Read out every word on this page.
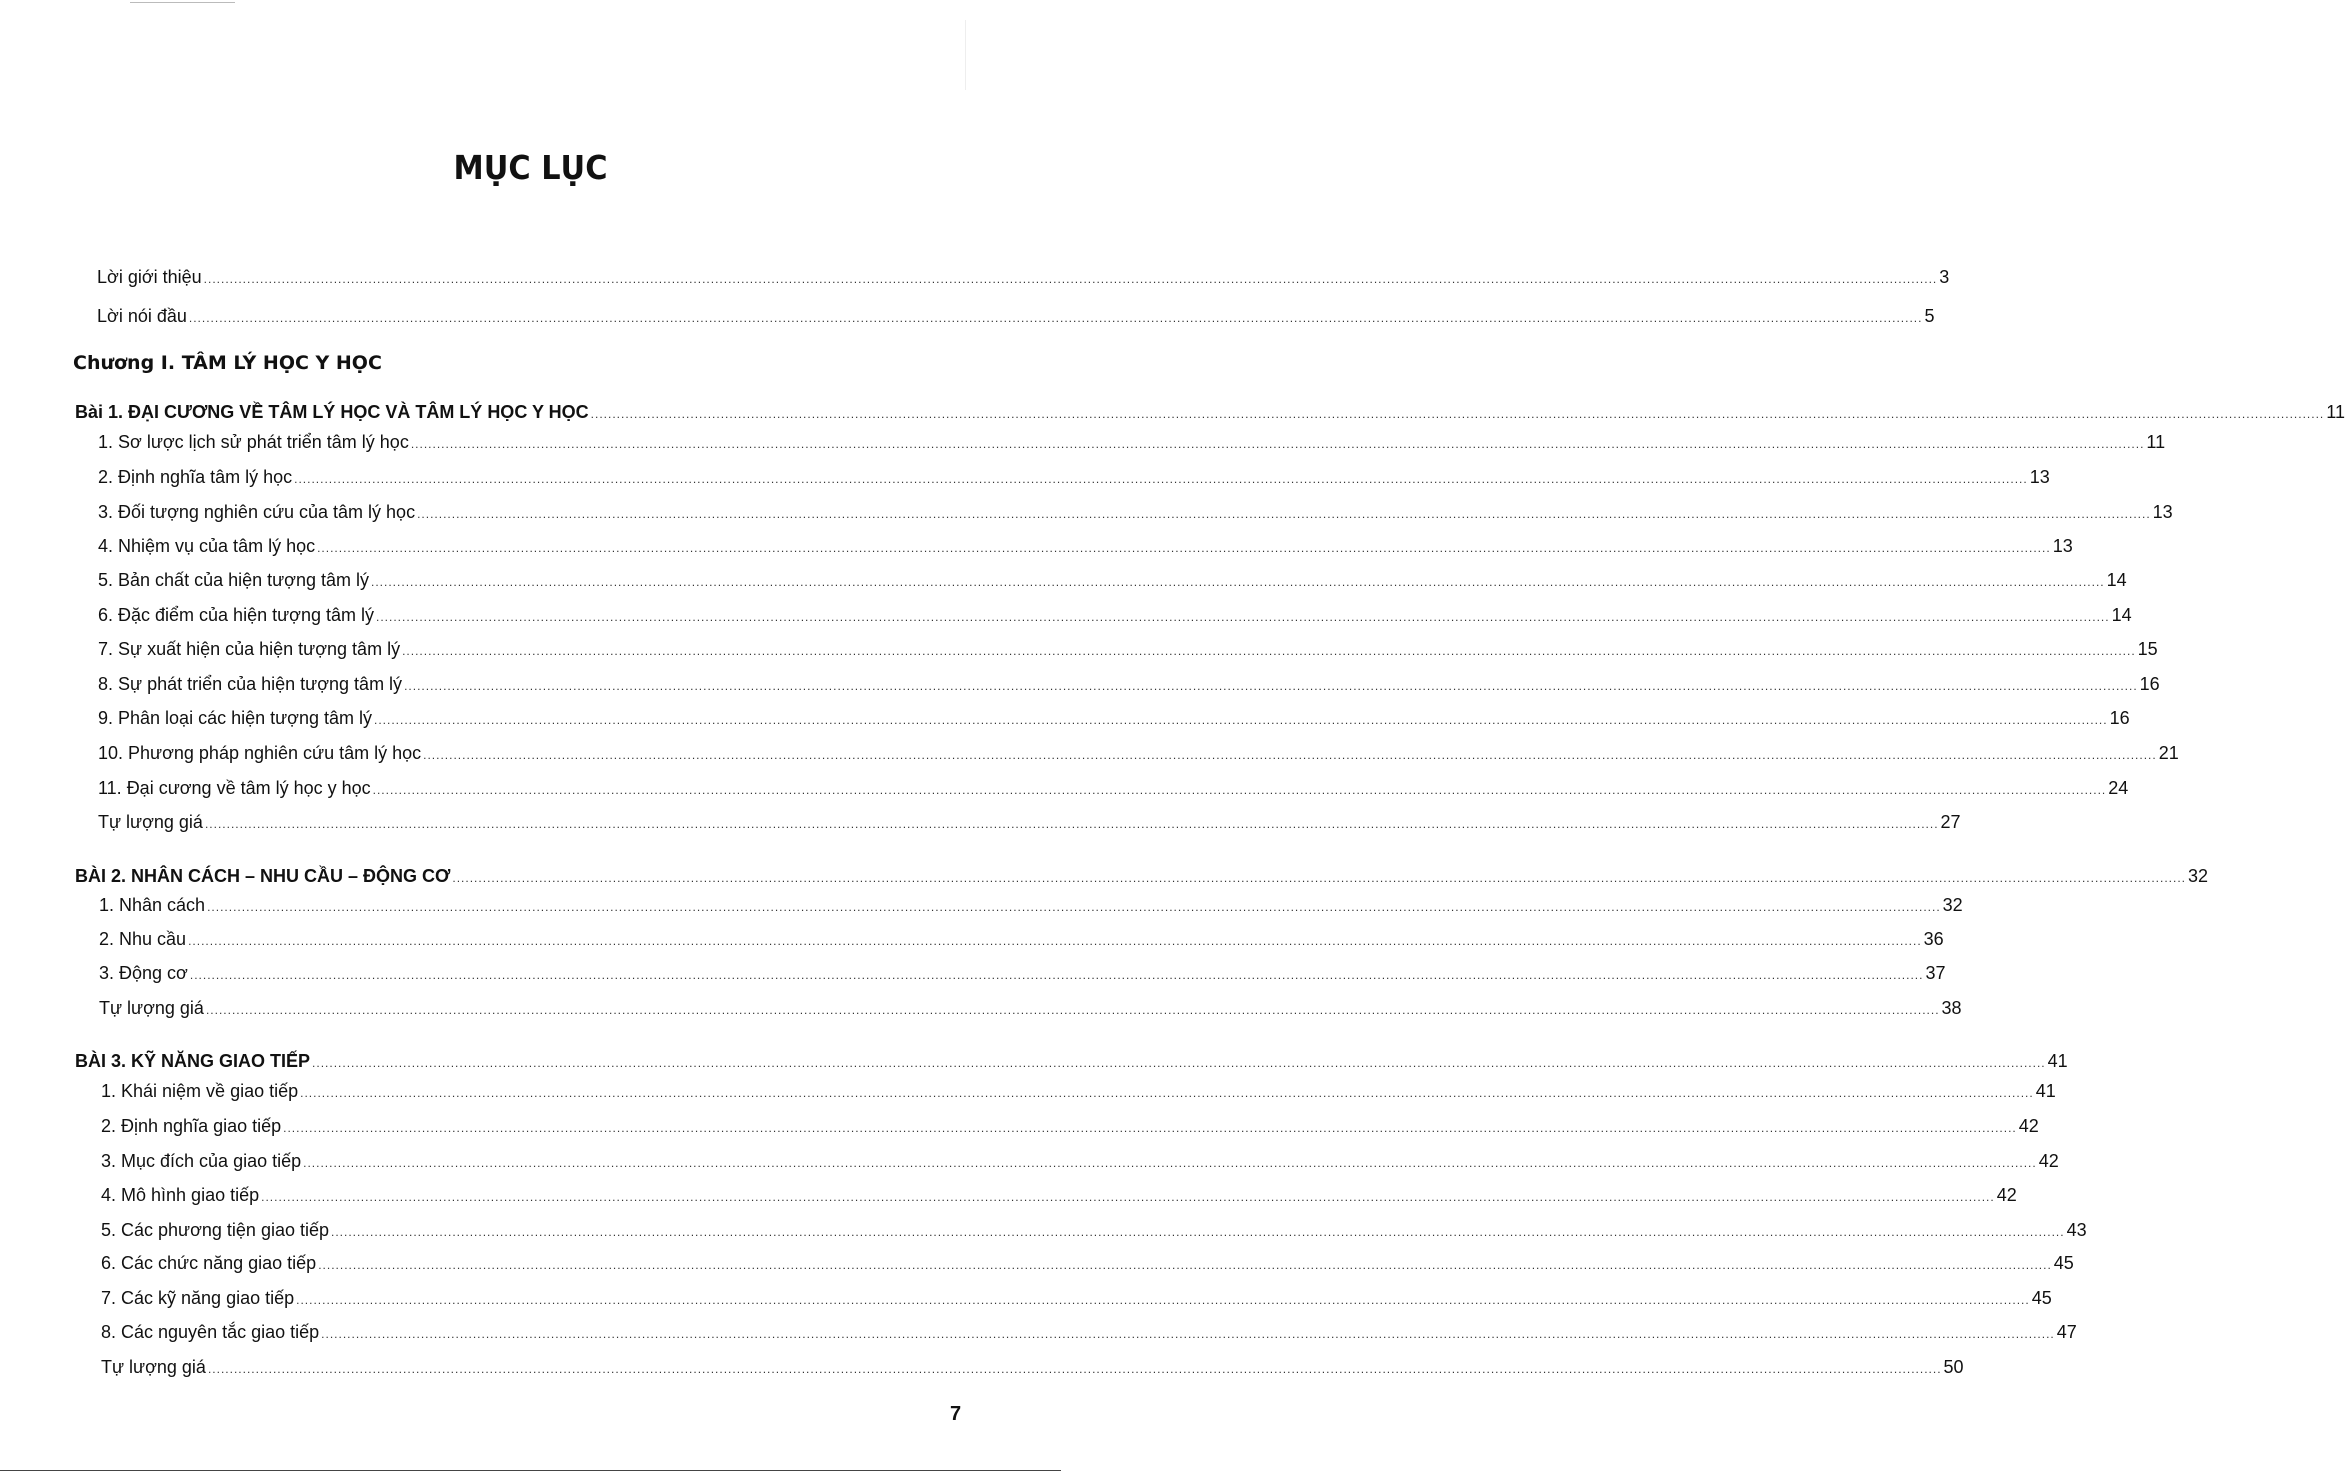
MỤC LỤC
Lời giới thiệu ................................................................................................................................................................................................................................................................................................................................................................................................................ 3
Lời nói đầu ................................................................................................................................................................................................................................................................................................................................................................................................................ 5
Chương I. TÂM LÝ HỌC Y HỌC
Bài 1. ĐẠI CƯƠNG VỀ TÂM LÝ HỌC VÀ TÂM LÝ HỌC Y HỌC ................................................................................................................................................................................................................................................................................................................................................................................................................ 11
1. Sơ lược lịch sử phát triển tâm lý học ................................................................................................................................................................................................................................................................................................................................................................................................................ 11
2. Định nghĩa tâm lý học ................................................................................................................................................................................................................................................................................................................................................................................................................ 13
3. Đối tượng nghiên cứu của tâm lý học ................................................................................................................................................................................................................................................................................................................................................................................................................ 13
4. Nhiệm vụ của tâm lý học ................................................................................................................................................................................................................................................................................................................................................................................................................ 13
5. Bản chất của hiện tượng tâm lý ................................................................................................................................................................................................................................................................................................................................................................................................................ 14
6. Đặc điểm của hiện tượng tâm lý ................................................................................................................................................................................................................................................................................................................................................................................................................ 14
7. Sự xuất hiện của hiện tượng tâm lý ................................................................................................................................................................................................................................................................................................................................................................................................................ 15
8. Sự phát triển của hiện tượng tâm lý ................................................................................................................................................................................................................................................................................................................................................................................................................ 16
9. Phân loại các hiện tượng tâm lý ................................................................................................................................................................................................................................................................................................................................................................................................................ 16
10. Phương pháp nghiên cứu tâm lý học ................................................................................................................................................................................................................................................................................................................................................................................................................ 21
11. Đại cương về tâm lý học y học ................................................................................................................................................................................................................................................................................................................................................................................................................ 24
Tự lượng giá ................................................................................................................................................................................................................................................................................................................................................................................................................ 27
BÀI 2. NHÂN CÁCH – NHU CẦU – ĐỘNG CƠ ................................................................................................................................................................................................................................................................................................................................................................................................................ 32
1. Nhân cách ................................................................................................................................................................................................................................................................................................................................................................................................................ 32
2. Nhu cầu ................................................................................................................................................................................................................................................................................................................................................................................................................ 36
3. Động cơ ................................................................................................................................................................................................................................................................................................................................................................................................................ 37
Tự lượng giá ................................................................................................................................................................................................................................................................................................................................................................................................................ 38
BÀI 3. KỸ NĂNG GIAO TIẾP ................................................................................................................................................................................................................................................................................................................................................................................................................ 41
1. Khái niệm về giao tiếp ................................................................................................................................................................................................................................................................................................................................................................................................................ 41
2. Định nghĩa giao tiếp ................................................................................................................................................................................................................................................................................................................................................................................................................ 42
3. Mục đích của giao tiếp ................................................................................................................................................................................................................................................................................................................................................................................................................ 42
4. Mô hình giao tiếp ................................................................................................................................................................................................................................................................................................................................................................................................................ 42
5. Các phương tiện giao tiếp ................................................................................................................................................................................................................................................................................................................................................................................................................ 43
6. Các chức năng giao tiếp ................................................................................................................................................................................................................................................................................................................................................................................................................ 45
7. Các kỹ năng giao tiếp ................................................................................................................................................................................................................................................................................................................................................................................................................ 45
8. Các nguyên tắc giao tiếp ................................................................................................................................................................................................................................................................................................................................................................................................................ 47
Tự lượng giá ................................................................................................................................................................................................................................................................................................................................................................................................................ 50
7
